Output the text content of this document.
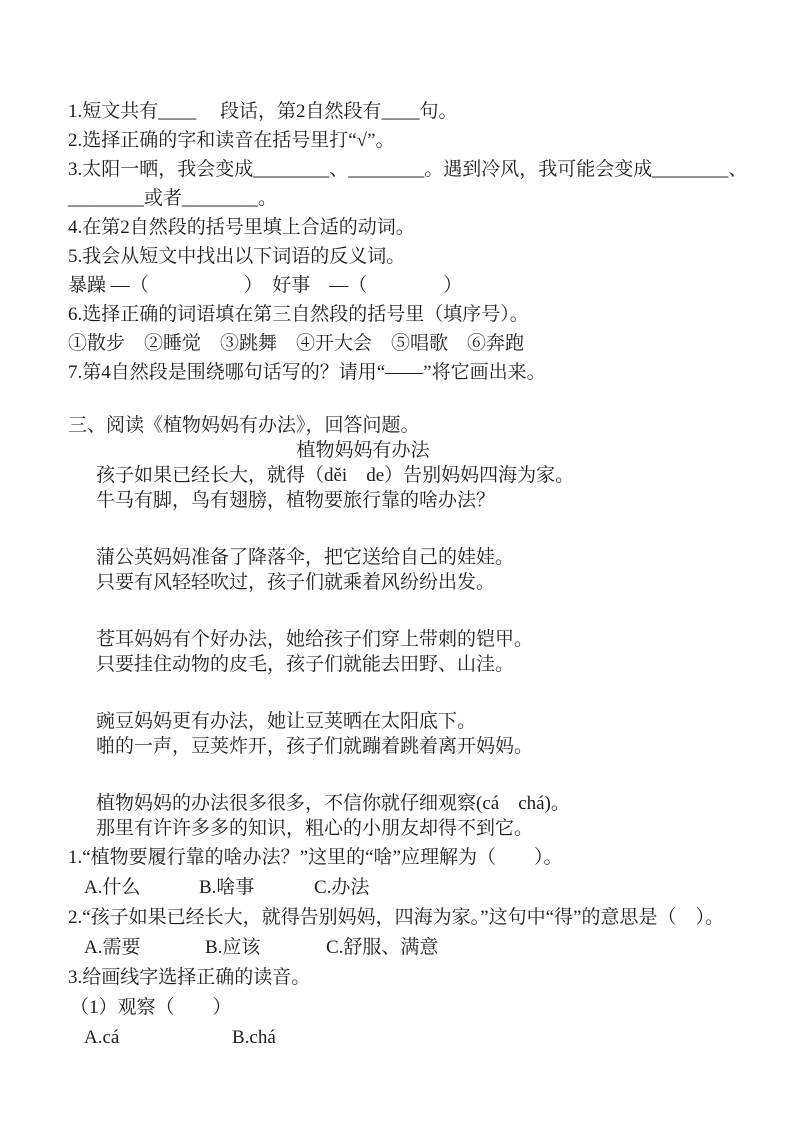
1.短文共有____　 段话，第2自然段有____句。
2.选择正确的字和读音在括号里打“√”。
3.太阳一晒，我会变成________、________。遇到冷风，我可能会变成________、
________或者________。
4.在第2自然段的括号里填上合适的动词。
5.我会从短文中找出以下词语的反义词。
暴躁 —（　　　　　）　好事　—（　　　　）
6.选择正确的词语填在第三自然段的括号里（填序号）。
①散步　②睡觉　③跳舞　④开大会　⑤唱歌　⑥奔跑
7.第4自然段是围绕哪句话写的？请用“——”将它画出来。
三、阅读《植物妈妈有办法》，回答问题。
植物妈妈有办法
孩子如果已经长大，就得（děi　de）告别妈妈四海为家。
牛马有脚，鸟有翅膀，植物要旅行靠的啥办法？
蒲公英妈妈准备了降落伞，把它送给自己的娃娃。
只要有风轻轻吹过，孩子们就乘着风纷纷出发。
苍耳妈妈有个好办法，她给孩子们穿上带刺的铠甲。
只要挂住动物的皮毛，孩子们就能去田野、山洼。
豌豆妈妈更有办法，她让豆荚晒在太阳底下。
啪的一声，豆荚炸开，孩子们就蹦着跳着离开妈妈。
植物妈妈的办法很多很多，不信你就仔细观察(cá　chá)。
那里有许许多多的知识，粗心的小朋友却得不到它。
1.“植物要履行靠的啥办法？”这里的“啥”应理解为（　　）。
A.什么	B.啥事	C.办法
2.“孩子如果已经长大，就得告别妈妈，四海为家。”这句中“得”的意思是（　）。
A.需要	B.应该	C.舒服、满意
3.给画线字选择正确的读音。
（1）观察（　　）
A.cá	B.chá
